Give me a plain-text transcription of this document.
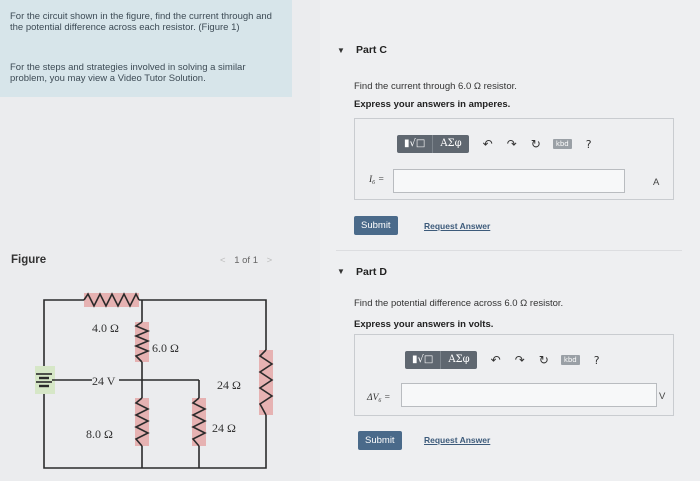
For the circuit shown in the figure, find the current through and the potential difference across each resistor. (Figure 1)

For the steps and strategies involved in solving a similar problem, you may view a Video Tutor Solution.

Figure	< 1 of 1 >
4.0 Ω
6.0 Ω
24 Ω
8.0 Ω	24 Ω
24 V
▼ Part C
Find the current through 6.0 Ω resistor.
Express your answers in amperes.
▮√□	ΑΣφ	↶ ↷ ↻	kbd ?
I₆ =	A
Submit	Request Answer
▼ Part D
Find the potential difference across 6.0 Ω resistor.
Express your answers in volts.
▮√□	ΑΣφ	↶ ↷ ↻	kbd ?
ΔV₆ =	V
Submit	Request Answer
